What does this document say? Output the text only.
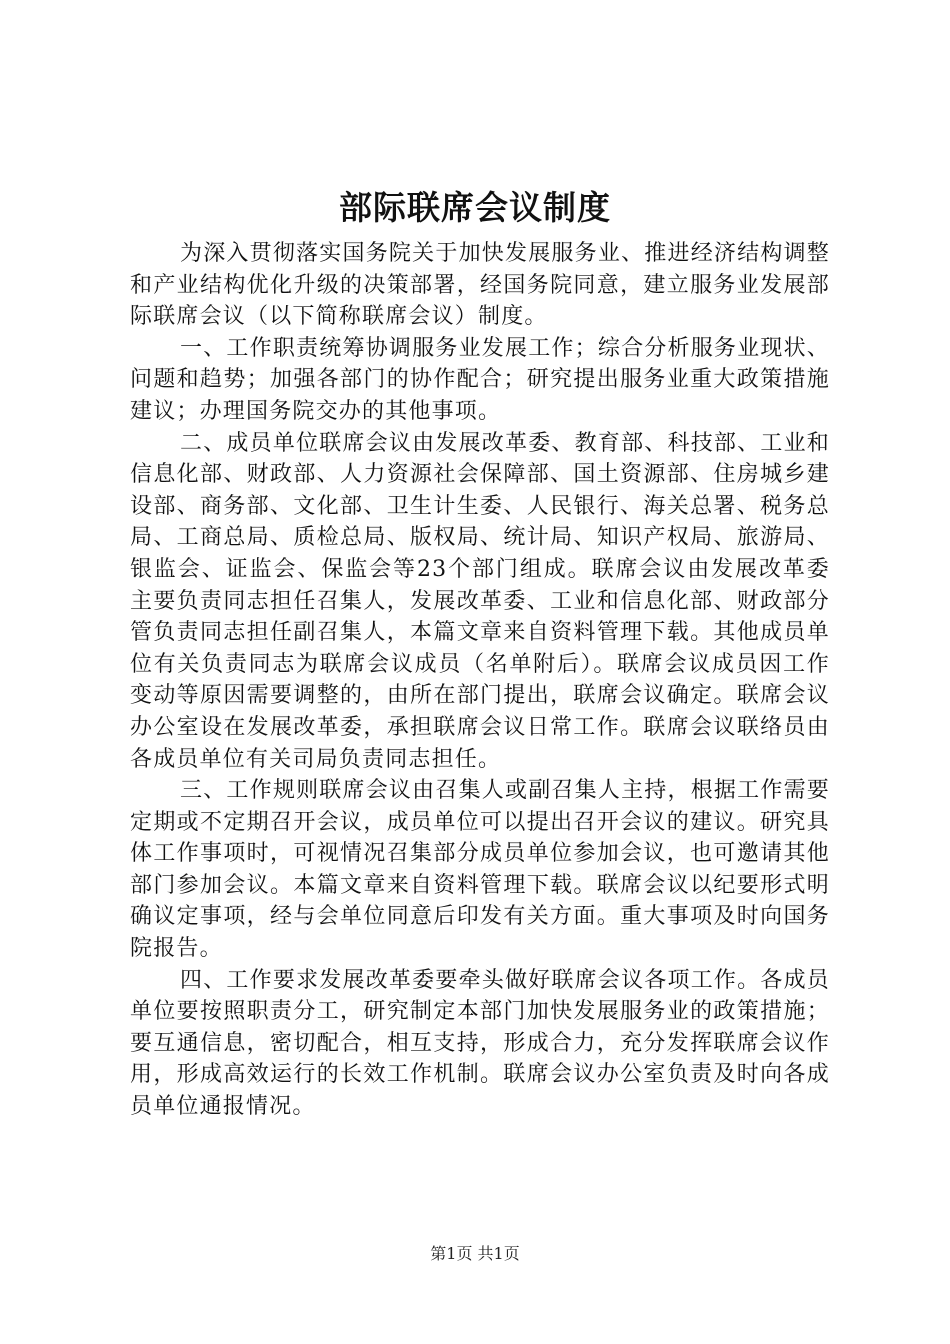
部际联席会议制度

为深入贯彻落实国务院关于加快发展服务业、推进经济结构调整和产业结构优化升级的决策部署，经国务院同意，建立服务业发展部际联席会议（以下简称联席会议）制度。

一、工作职责统筹协调服务业发展工作；综合分析服务业现状、问题和趋势；加强各部门的协作配合；研究提出服务业重大政策措施建议；办理国务院交办的其他事项。

二、成员单位联席会议由发展改革委、教育部、科技部、工业和信息化部、财政部、人力资源社会保障部、国土资源部、住房城乡建设部、商务部、文化部、卫生计生委、人民银行、海关总署、税务总局、工商总局、质检总局、版权局、统计局、知识产权局、旅游局、银监会、证监会、保监会等23个部门组成。联席会议由发展改革委主要负责同志担任召集人，发展改革委、工业和信息化部、财政部分管负责同志担任副召集人，本篇文章来自资料管理下载。其他成员单位有关负责同志为联席会议成员（名单附后）。联席会议成员因工作变动等原因需要调整的，由所在部门提出，联席会议确定。联席会议办公室设在发展改革委，承担联席会议日常工作。联席会议联络员由各成员单位有关司局负责同志担任。

三、工作规则联席会议由召集人或副召集人主持，根据工作需要定期或不定期召开会议，成员单位可以提出召开会议的建议。研究具体工作事项时，可视情况召集部分成员单位参加会议，也可邀请其他部门参加会议。本篇文章来自资料管理下载。联席会议以纪要形式明确议定事项，经与会单位同意后印发有关方面。重大事项及时向国务院报告。

四、工作要求发展改革委要牵头做好联席会议各项工作。各成员单位要按照职责分工，研究制定本部门加快发展服务业的政策措施；要互通信息，密切配合，相互支持，形成合力，充分发挥联席会议作用，形成高效运行的长效工作机制。联席会议办公室负责及时向各成员单位通报情况。

第1页 共1页
